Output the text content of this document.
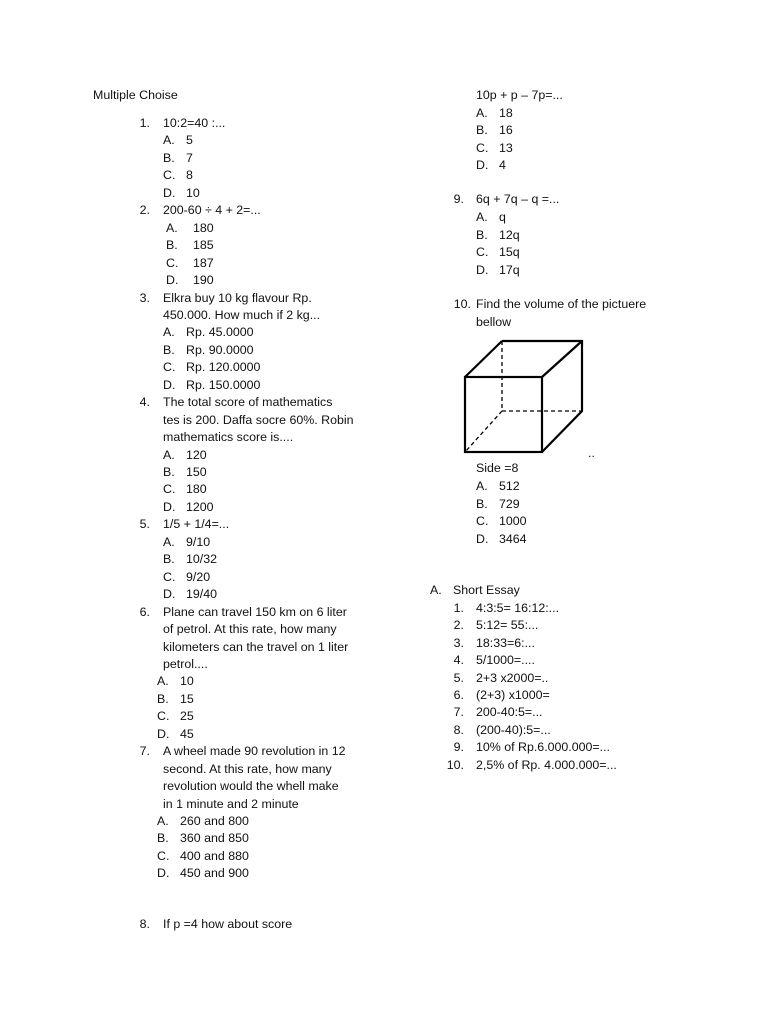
Multiple Choise
1. 10:2=40 :...
A. 5
B. 7
C. 8
D. 10
2. 200-60 ÷ 4 + 2=...
A. 180
B. 185
C. 187
D. 190
3. Elkra buy 10 kg flavour Rp.
450.000. How much if 2 kg...
A. Rp. 45.0000
B. Rp. 90.0000
C. Rp. 120.0000
D. Rp. 150.0000
4. The total score of mathematics
tes is 200. Daffa socre 60%. Robin
mathematics score is....
A. 120
B. 150
C. 180
D. 1200
5. 1/5 + 1/4=...
A. 9/10
B. 10/32
C. 9/20
D. 19/40
6. Plane can travel 150 km on 6 liter
of petrol. At this rate, how many
kilometers can the travel on 1 liter
petrol....
A. 10
B. 15
C. 25
D. 45
7. A wheel made 90 revolution in 12
second. At this rate, how many
revolution would the whell make
in 1 minute and 2 minute
A. 260 and 800
B. 360 and 850
C. 400 and 880
D. 450 and 900
8. If p =4 how about score
10p + p – 7p=...
A. 18
B. 16
C. 13
D. 4
9. 6q + 7q – q =...
A. q
B. 12q
C. 15q
D. 17q
10. Find the volume of the pictuere
bellow
..
Side =8
A. 512
B. 729
C. 1000
D. 3464
A. Short Essay
1. 4:3:5= 16:12:...
2. 5:12= 55:...
3. 18:33=6:...
4. 5/1000=....
5. 2+3 x2000=..
6. (2+3) x1000=
7. 200-40:5=...
8. (200-40):5=...
9. 10% of Rp.6.000.000=...
10. 2,5% of Rp. 4.000.000=...
